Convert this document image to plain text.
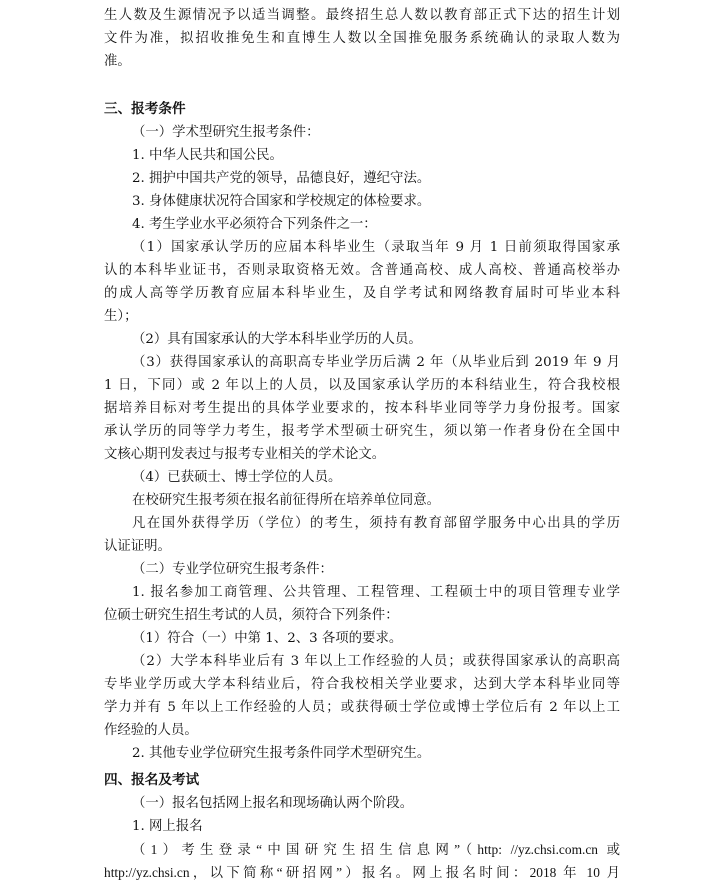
生人数及生源情况予以适当调整。最终招生总人数以教育部正式下达的招生计划
文件为准，拟招收推免生和直博生人数以全国推免服务系统确认的录取人数为
准。
三、报考条件
（一）学术型研究生报考条件：
1. 中华人民共和国公民。
2. 拥护中国共产党的领导，品德良好，遵纪守法。
3. 身体健康状况符合国家和学校规定的体检要求。
4. 考生学业水平必须符合下列条件之一：
（1）国家承认学历的应届本科毕业生（录取当年 9 月 1 日前须取得国家承
认的本科毕业证书，否则录取资格无效。含普通高校、成人高校、普通高校举办
的成人高等学历教育应届本科毕业生，及自学考试和网络教育届时可毕业本科
生）；
（2）具有国家承认的大学本科毕业学历的人员。
（3）获得国家承认的高职高专毕业学历后满 2 年（从毕业后到 2019 年 9 月
1 日，下同）或 2 年以上的人员，以及国家承认学历的本科结业生，符合我校根
据培养目标对考生提出的具体学业要求的，按本科毕业同等学力身份报考。国家
承认学历的同等学力考生，报考学术型硕士研究生，须以第一作者身份在全国中
文核心期刊发表过与报考专业相关的学术论文。
（4）已获硕士、博士学位的人员。
在校研究生报考须在报名前征得所在培养单位同意。
凡在国外获得学历（学位）的考生，须持有教育部留学服务中心出具的学历
认证证明。
（二）专业学位研究生报考条件：
1. 报名参加工商管理、公共管理、工程管理、工程硕士中的项目管理专业学
位硕士研究生招生考试的人员，须符合下列条件：
（1）符合（一）中第 1、2、3 各项的要求。
（2）大学本科毕业后有 3 年以上工作经验的人员；或获得国家承认的高职高
专毕业学历或大学本科结业后，符合我校相关学业要求，达到大学本科毕业同等
学力并有 5 年以上工作经验的人员；或获得硕士学位或博士学位后有 2 年以上工
作经验的人员。
2. 其他专业学位研究生报考条件同学术型研究生。
四、报名及考试
（一）报名包括网上报名和现场确认两个阶段。
1. 网上报名
（1）考生登录“中国研究生招生信息网”（http: //yz.chsi.com.cn 或
http://yz.chsi.cn，以下简称“研招网”）报名。网上报名时间：2018 年 10 月
